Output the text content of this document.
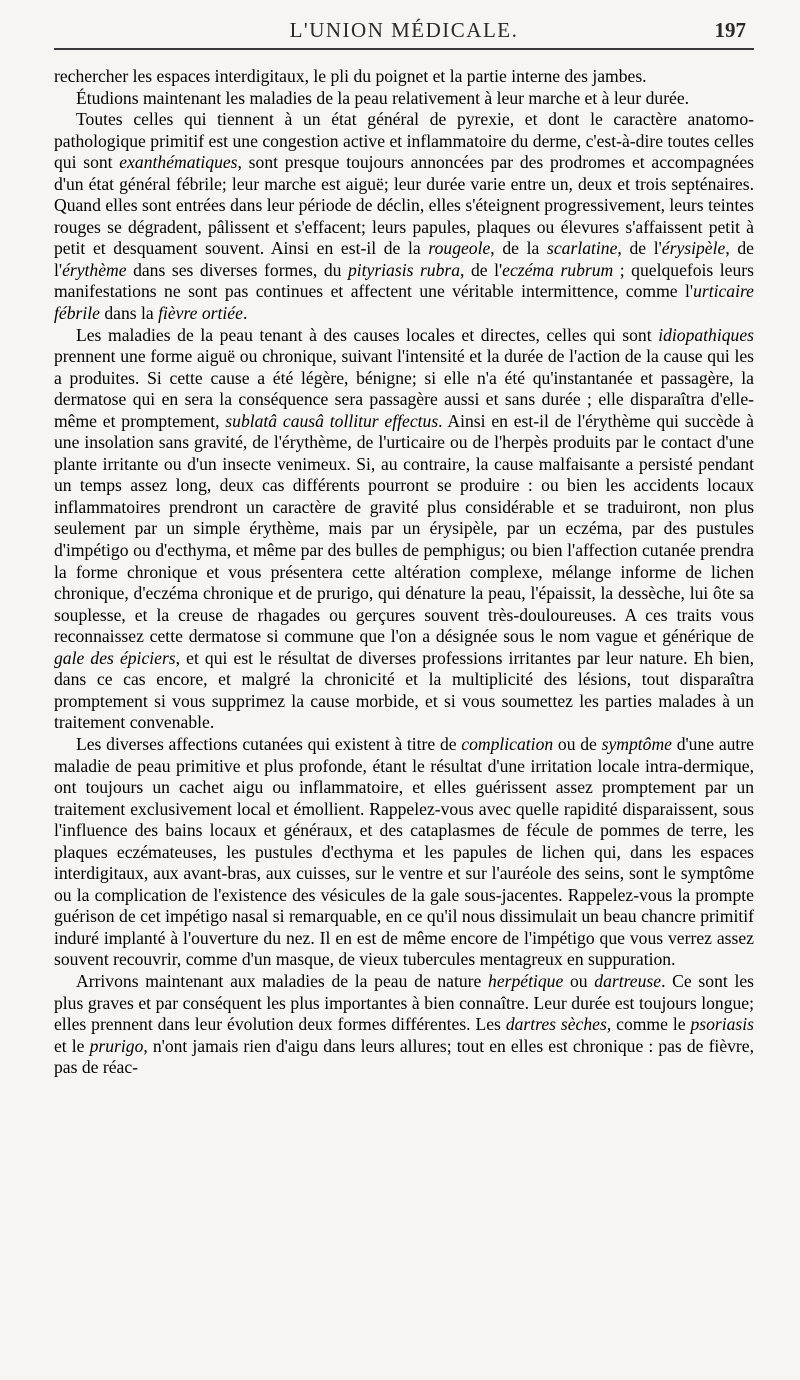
L'UNION MÉDICALE.	197

rechercher les espaces interdigitaux, le pli du poignet et la partie interne des jambes.

Étudions maintenant les maladies de la peau relativement à leur marche et à leur durée.

Toutes celles qui tiennent à un état général de pyrexie, et dont le caractère anatomo-pathologique primitif est une congestion active et inflammatoire du derme, c'est-à-dire toutes celles qui sont exanthématiques, sont presque toujours annoncées par des prodromes et accompagnées d'un état général fébrile; leur marche est aiguë; leur durée varie entre un, deux et trois septénaires. Quand elles sont entrées dans leur période de déclin, elles s'éteignent progressivement, leurs teintes rouges se dégradent, pâlissent et s'effacent; leurs papules, plaques ou élevures s'affaissent petit à petit et desquament souvent. Ainsi en est-il de la rougeole, de la scarlatine, de l'érysipèle, de l'érythème dans ses diverses formes, du pityriasis rubra, de l'eczéma rubrum ; quelquefois leurs manifestations ne sont pas continues et affectent une véritable intermittence, comme l'urticaire fébrile dans la fièvre ortiée.

Les maladies de la peau tenant à des causes locales et directes, celles qui sont idiopathiques prennent une forme aiguë ou chronique, suivant l'intensité et la durée de l'action de la cause qui les a produites. Si cette cause a été légère, bénigne; si elle n'a été qu'instantanée et passagère, la dermatose qui en sera la conséquence sera passagère aussi et sans durée ; elle disparaîtra d'elle-même et promptement, sublatâ causâ tollitur effectus. Ainsi en est-il de l'érythème qui succède à une insolation sans gravité, de l'érythème, de l'urticaire ou de l'herpès produits par le contact d'une plante irritante ou d'un insecte venimeux. Si, au contraire, la cause malfaisante a persisté pendant un temps assez long, deux cas différents pourront se produire : ou bien les accidents locaux inflammatoires prendront un caractère de gravité plus considérable et se traduiront, non plus seulement par un simple érythème, mais par un érysipèle, par un eczéma, par des pustules d'impétigo ou d'ecthyma, et même par des bulles de pemphigus; ou bien l'affection cutanée prendra la forme chronique et vous présentera cette altération complexe, mélange informe de lichen chronique, d'eczéma chronique et de prurigo, qui dénature la peau, l'épaissit, la dessèche, lui ôte sa souplesse, et la creuse de rhagades ou gerçures souvent très-douloureuses. A ces traits vous reconnaissez cette dermatose si commune que l'on a désignée sous le nom vague et générique de gale des épiciers, et qui est le résultat de diverses professions irritantes par leur nature. Eh bien, dans ce cas encore, et malgré la chronicité et la multiplicité des lésions, tout disparaîtra promptement si vous supprimez la cause morbide, et si vous soumettez les parties malades à un traitement convenable.

Les diverses affections cutanées qui existent à titre de complication ou de symptôme d'une autre maladie de peau primitive et plus profonde, étant le résultat d'une irritation locale intra-dermique, ont toujours un cachet aigu ou inflammatoire, et elles guérissent assez promptement par un traitement exclusivement local et émollient. Rappelez-vous avec quelle rapidité disparaissent, sous l'influence des bains locaux et généraux, et des cataplasmes de fécule de pommes de terre, les plaques eczémateuses, les pustules d'ecthyma et les papules de lichen qui, dans les espaces interdigitaux, aux avant-bras, aux cuisses, sur le ventre et sur l'auréole des seins, sont le symptôme ou la complication de l'existence des vésicules de la gale sous-jacentes. Rappelez-vous la prompte guérison de cet impétigo nasal si remarquable, en ce qu'il nous dissimulait un beau chancre primitif induré implanté à l'ouverture du nez. Il en est de même encore de l'impétigo que vous verrez assez souvent recouvrir, comme d'un masque, de vieux tubercules mentagreux en suppuration.

Arrivons maintenant aux maladies de la peau de nature herpétique ou dartreuse. Ce sont les plus graves et par conséquent les plus importantes à bien connaître. Leur durée est toujours longue; elles prennent dans leur évolution deux formes différentes. Les dartres sèches, comme le psoriasis et le prurigo, n'ont jamais rien d'aigu dans leurs allures; tout en elles est chronique : pas de fièvre, pas de réac-
